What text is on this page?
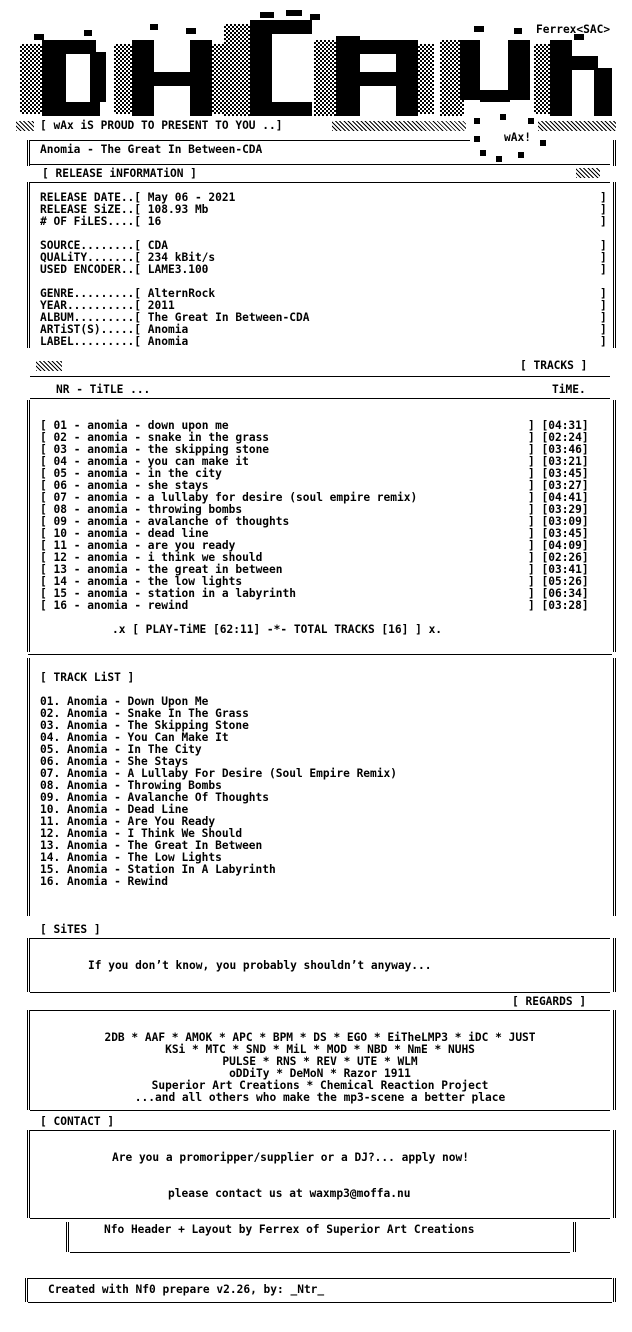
Ferrex<SAC>
[ wAx iS PROUD TO PRESENT TO YOU ..]
wAx!
Anomia - The Great In Between-CDA
[ RELEASE iNFORMATiON ]
RELEASE DATE..[ May 06 - 2021
RELEASE SiZE..[ 108.93 Mb
# OF FiLES....[ 16
SOURCE........[ CDA
QUALiTY.......[ 234 kBit/s
USED ENCODER..[ LAME3.100
GENRE.........[ AlternRock
YEAR..........[ 2011
ALBUM.........[ The Great In Between-CDA
ARTiST(S).....[ Anomia
LABEL.........[ Anomia
]
]
]

]
]
]

]
]
]
]
]
[ TRACKS ]
NR - TiTLE ...	TiME.
[ 01 - anomia - down upon me	] [04:31]
[ 02 - anomia - snake in the grass	] [02:24]
[ 03 - anomia - the skipping stone	] [03:46]
[ 04 - anomia - you can make it	] [03:21]
[ 05 - anomia - in the city	] [03:45]
[ 06 - anomia - she stays	] [03:27]
[ 07 - anomia - a lullaby for desire (soul empire remix)	] [04:41]
[ 08 - anomia - throwing bombs	] [03:29]
[ 09 - anomia - avalanche of thoughts	] [03:09]
[ 10 - anomia - dead line	] [03:45]
[ 11 - anomia - are you ready	] [04:09]
[ 12 - anomia - i think we should	] [02:26]
[ 13 - anomia - the great in between	] [03:41]
[ 14 - anomia - the low lights	] [05:26]
[ 15 - anomia - station in a labyrinth	] [06:34]
[ 16 - anomia - rewind	] [03:28]
.x [ PLAY-TiME [62:11] -*- TOTAL TRACKS [16] ] x.
[ TRACK LiST ]
01. Anomia - Down Upon Me
02. Anomia - Snake In The Grass
03. Anomia - The Skipping Stone
04. Anomia - You Can Make It
05. Anomia - In The City
06. Anomia - She Stays
07. Anomia - A Lullaby For Desire (Soul Empire Remix)
08. Anomia - Throwing Bombs
09. Anomia - Avalanche Of Thoughts
10. Anomia - Dead Line
11. Anomia - Are You Ready
12. Anomia - I Think We Should
13. Anomia - The Great In Between
14. Anomia - The Low Lights
15. Anomia - Station In A Labyrinth
16. Anomia - Rewind
[ SiTES ]
If you don’t know, you probably shouldn’t anyway...
[ REGARDS ]
2DB * AAF * AMOK * APC * BPM * DS * EGO * EiTheLMP3 * iDC * JUST
KSi * MTC * SND * MiL * MOD * NBD * NmE * NUHS
PULSE * RNS * REV * UTE * WLM
oDDiTy * DeMoN * Razor 1911
Superior Art Creations * Chemical Reaction Project
...and all others who make the mp3-scene a better place
[ CONTACT ]
Are you a promoripper/supplier or a DJ?... apply now!
please contact us at waxmp3@moffa.nu
Nfo Header + Layout by Ferrex of Superior Art Creations
Created with Nf0 prepare v2.26, by: _Ntr_
